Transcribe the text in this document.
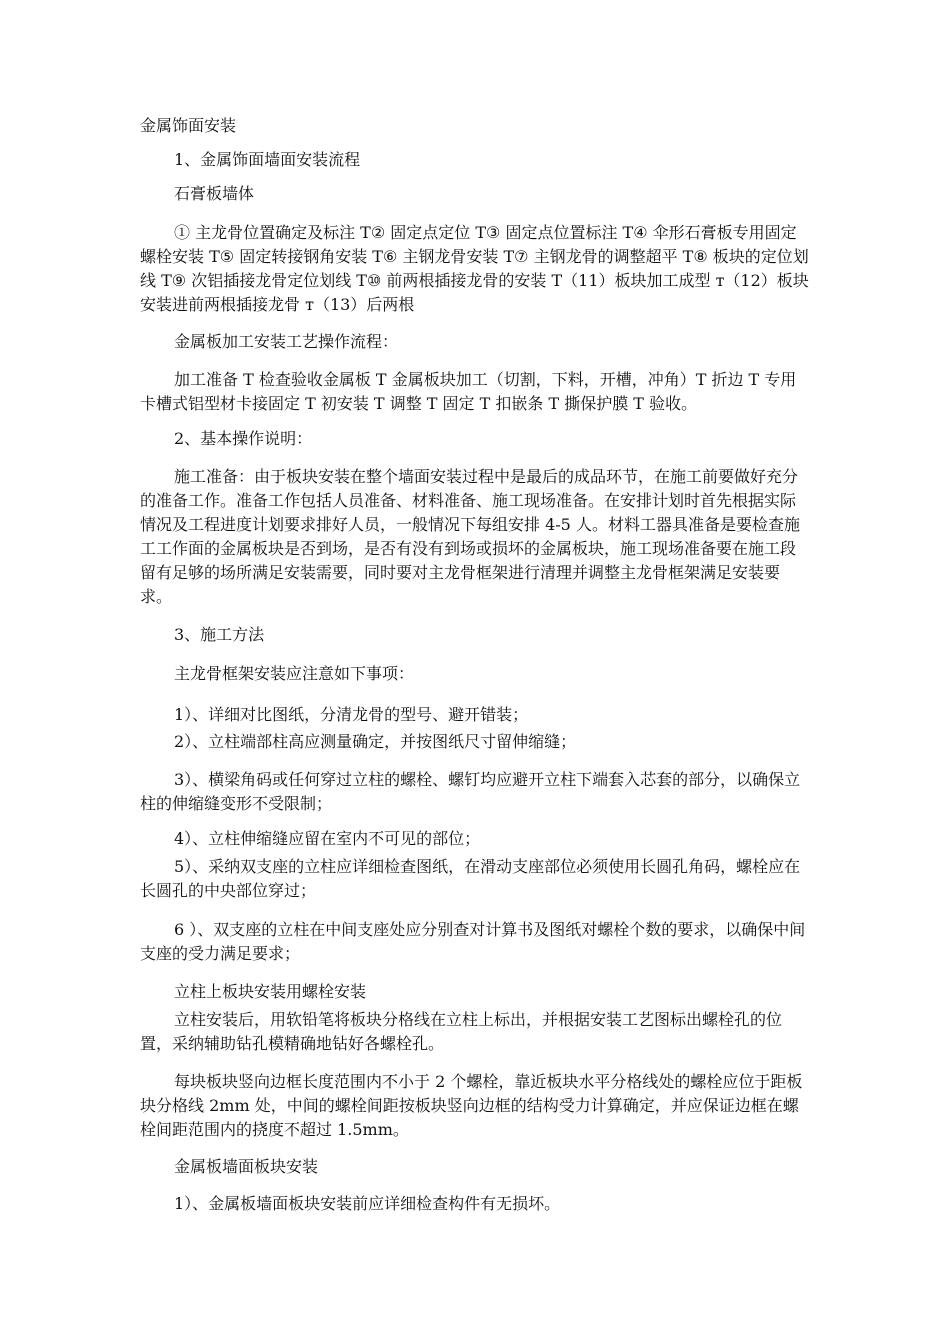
金属饰面安装

1、金属饰面墙面安装流程

石膏板墙体

① 主龙骨位置确定及标注 T② 固定点定位 T③ 固定点位置标注 T④ 伞形石膏板专用固定螺栓安装 T⑤ 固定转接钢角安装 T⑥ 主钢龙骨安装 T⑦ 主钢龙骨的调整超平 T⑧ 板块的定位划线 T⑨ 次铝插接龙骨定位划线 T⑩ 前两根插接龙骨的安装 T（11）板块加工成型 т（12）板块安装进前两根插接龙骨 т（13）后两根

金属板加工安装工艺操作流程：

加工准备 T 检查验收金属板 T 金属板块加工（切割，下料，开槽，冲角）T 折边 T 专用卡槽式铝型材卡接固定 T 初安装 T 调整 T 固定 T 扣嵌条 T 撕保护膜 T 验收。

2、基本操作说明：

施工准备：由于板块安装在整个墙面安装过程中是最后的成品环节，在施工前要做好充分的准备工作。准备工作包括人员准备、材料准备、施工现场准备。在安排计划时首先根据实际情况及工程进度计划要求排好人员，一般情况下每组安排 4-5 人。材料工器具准备是要检查施工工作面的金属板块是否到场，是否有没有到场或损坏的金属板块，施工现场准备要在施工段留有足够的场所满足安装需要，同时要对主龙骨框架进行清理并调整主龙骨框架满足安装要求。

3、施工方法

主龙骨框架安装应注意如下事项：

1）、详细对比图纸，分清龙骨的型号、避开错装；

2）、立柱端部柱高应测量确定，并按图纸尺寸留伸缩缝；

3）、横梁角码或任何穿过立柱的螺栓、螺钉均应避开立柱下端套入芯套的部分，以确保立柱的伸缩缝变形不受限制；

4）、立柱伸缩缝应留在室内不可见的部位；

5）、采纳双支座的立柱应详细检查图纸，在滑动支座部位必须使用长圆孔角码，螺栓应在长圆孔的中央部位穿过；

6 ）、双支座的立柱在中间支座处应分别查对计算书及图纸对螺栓个数的要求，以确保中间支座的受力满足要求；

立柱上板块安装用螺栓安装

立柱安装后，用软铅笔将板块分格线在立柱上标出，并根据安装工艺图标出螺栓孔的位置，采纳辅助钻孔模精确地钻好各螺栓孔。

每块板块竖向边框长度范围内不小于 2 个螺栓，靠近板块水平分格线处的螺栓应位于距板块分格线 2mm 处，中间的螺栓间距按板块竖向边框的结构受力计算确定，并应保证边框在螺栓间距范围内的挠度不超过 1.5mm。

金属板墙面板块安装

1）、金属板墙面板块安装前应详细检查构件有无损坏。
